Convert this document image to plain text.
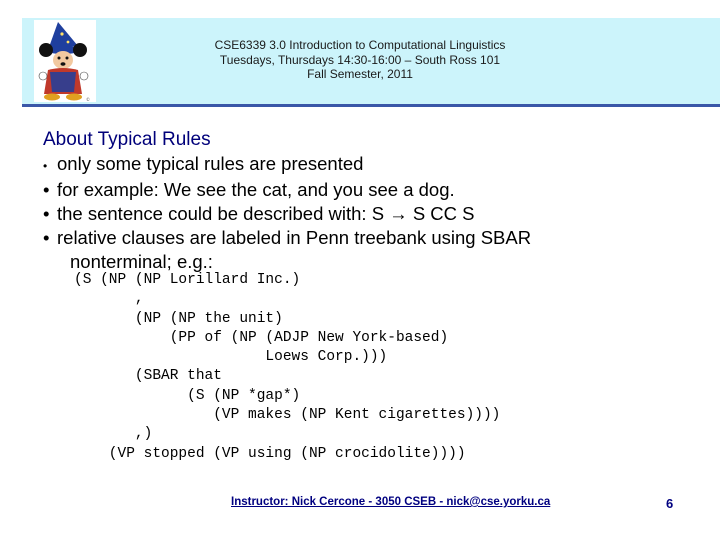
©
CSE6339 3.0 Introduction to Computational Linguistics
Tuesdays, Thursdays 14:30-16:00 – South Ross 101
Fall Semester, 2011
About Typical Rules
• only some typical rules are presented
• for example: We see the cat, and you see a dog.
• the sentence could be described with: S → S CC S
• relative clauses are labeled in Penn treebank using SBAR
nonterminal; e.g.:
(S (NP (NP Lorillard Inc.)
,
(NP (NP the unit)
(PP of (NP (ADJP New York-based)
Loews Corp.)))
(SBAR that
(S (NP *gap*)
(VP makes (NP Kent cigarettes))))
,)
(VP stopped (VP using (NP crocidolite))))
Instructor: Nick Cercone - 3050 CSEB - nick@cse.yorku.ca	6
